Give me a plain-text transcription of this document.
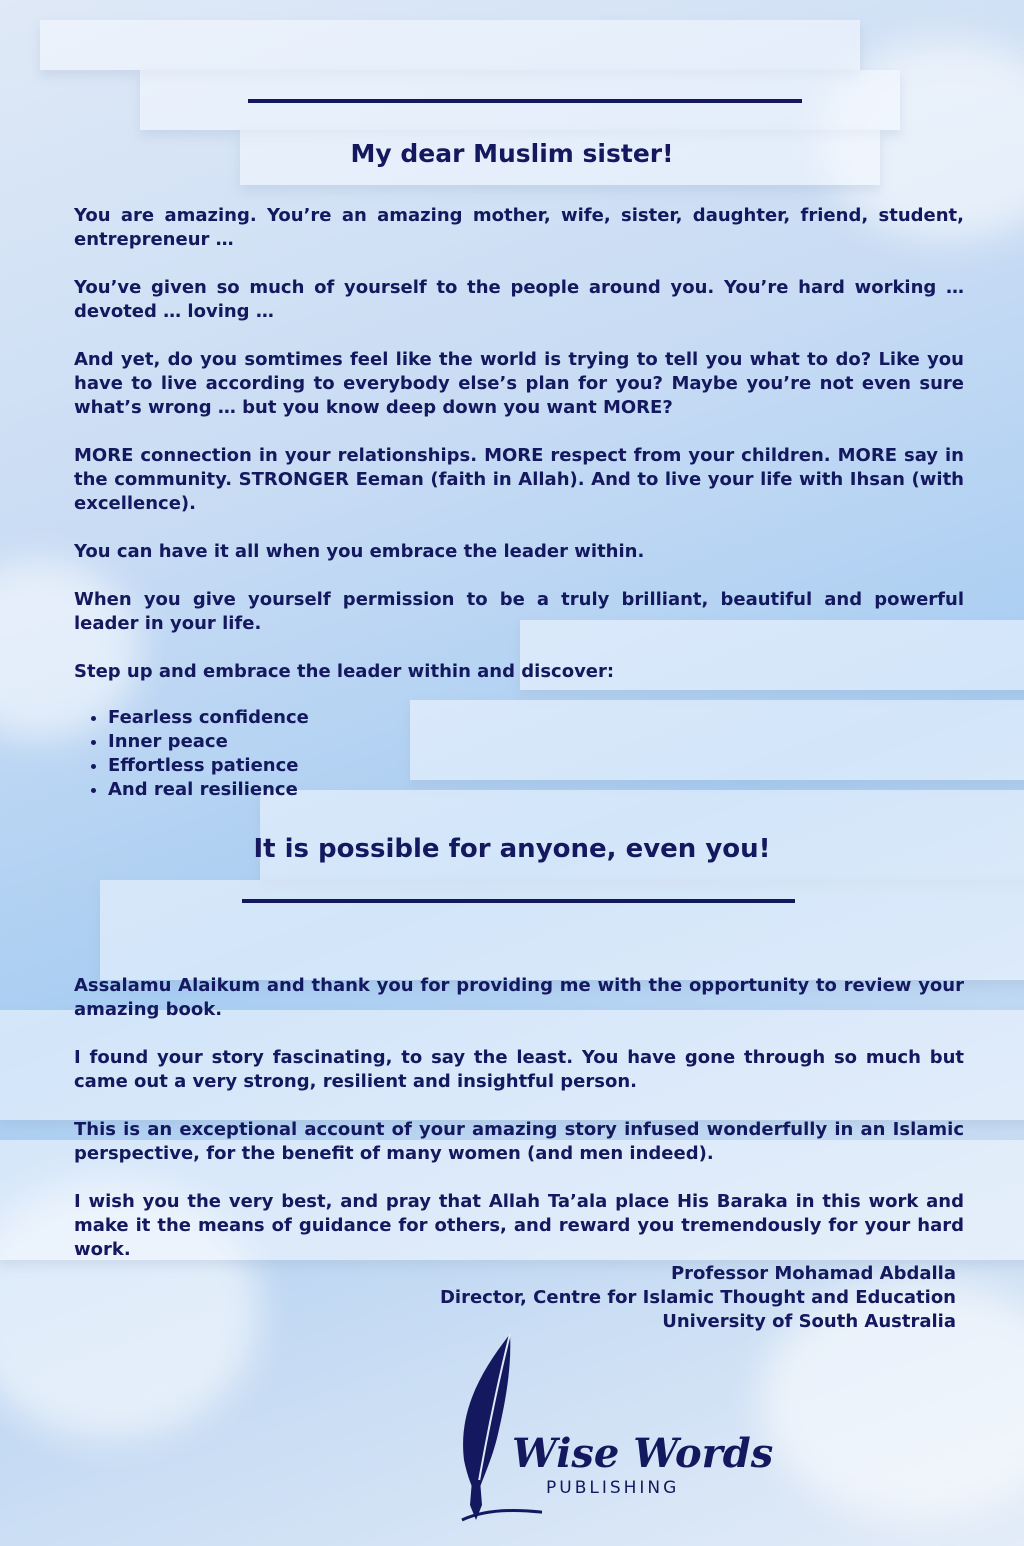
My dear Muslim sister!

You are amazing. You’re an amazing mother, wife, sister, daughter, friend, student, entrepreneur …

You’ve given so much of yourself to the people around you. You’re hard working … devoted … loving …

And yet, do you somtimes feel like the world is trying to tell you what to do? Like you have to live according to everybody else’s plan for you? Maybe you’re not even sure what’s wrong … but you know deep down you want MORE?

MORE connection in your relationships. MORE respect from your children. MORE say in the community. STRONGER Eeman (faith in Allah). And to live your life with Ihsan (with excellence).

You can have it all when you embrace the leader within.

When you give yourself permission to be a truly brilliant, beautiful and powerful leader in your life.

Step up and embrace the leader within and discover:

• Fearless confidence
• Inner peace
• Effortless patience
• And real resilience
It is possible for anyone, even you!

Assalamu Alaikum and thank you for providing me with the opportunity to review your amazing book.

I found your story fascinating, to say the least. You have gone through so much but came out a very strong, resilient and insightful person.

This is an exceptional account of your amazing story infused wonderfully in an Islamic perspective, for the benefit of many women (and men indeed).

I wish you the very best, and pray that Allah Ta’ala place His Baraka in this work and make it the means of guidance for others, and reward you tremendously for your hard work.

Professor Mohamad Abdalla
Director, Centre for Islamic Thought and Education
University of South Australia
Wise Words
PUBLISHING
